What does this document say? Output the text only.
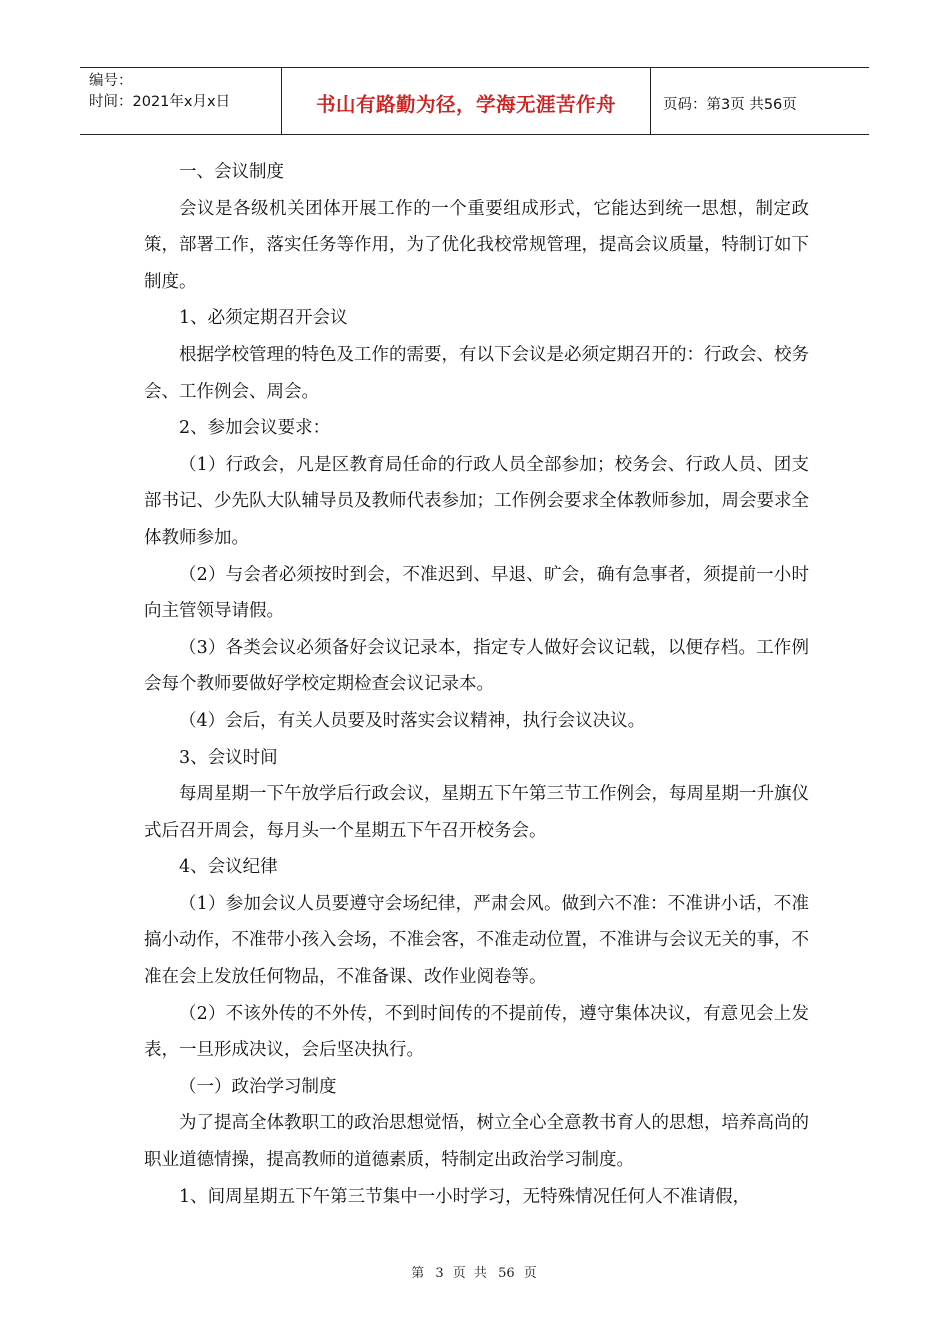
编号：
时间：2021年x月x日	书山有路勤为径，学海无涯苦作舟	页码：第3页 共56页

一、会议制度

会议是各级机关团体开展工作的一个重要组成形式，它能达到统一思想，制定政策，部署工作，落实任务等作用，为了优化我校常规管理，提高会议质量，特制订如下制度。

1、必须定期召开会议

根据学校管理的特色及工作的需要，有以下会议是必须定期召开的：行政会、校务会、工作例会、周会。

2、参加会议要求：

（1）行政会，凡是区教育局任命的行政人员全部参加；校务会、行政人员、团支部书记、少先队大队辅导员及教师代表参加；工作例会要求全体教师参加，周会要求全体教师参加。

（2）与会者必须按时到会，不准迟到、早退、旷会，确有急事者，须提前一小时向主管领导请假。

（3）各类会议必须备好会议记录本，指定专人做好会议记载，以便存档。工作例会每个教师要做好学校定期检查会议记录本。

（4）会后，有关人员要及时落实会议精神，执行会议决议。

3、会议时间

每周星期一下午放学后行政会议，星期五下午第三节工作例会，每周星期一升旗仪式后召开周会，每月头一个星期五下午召开校务会。

4、会议纪律

（1）参加会议人员要遵守会场纪律，严肃会风。做到六不准：不准讲小话，不准搞小动作，不准带小孩入会场，不准会客，不准走动位置，不准讲与会议无关的事，不准在会上发放任何物品，不准备课、改作业阅卷等。

（2）不该外传的不外传，不到时间传的不提前传，遵守集体决议，有意见会上发表，一旦形成决议，会后坚决执行。

（一）政治学习制度

为了提高全体教职工的政治思想觉悟，树立全心全意教书育人的思想，培养高尚的职业道德情操，提高教师的道德素质，特制定出政治学习制度。

1、间周星期五下午第三节集中一小时学习，无特殊情况任何人不准请假，

第 3 页 共 56 页
